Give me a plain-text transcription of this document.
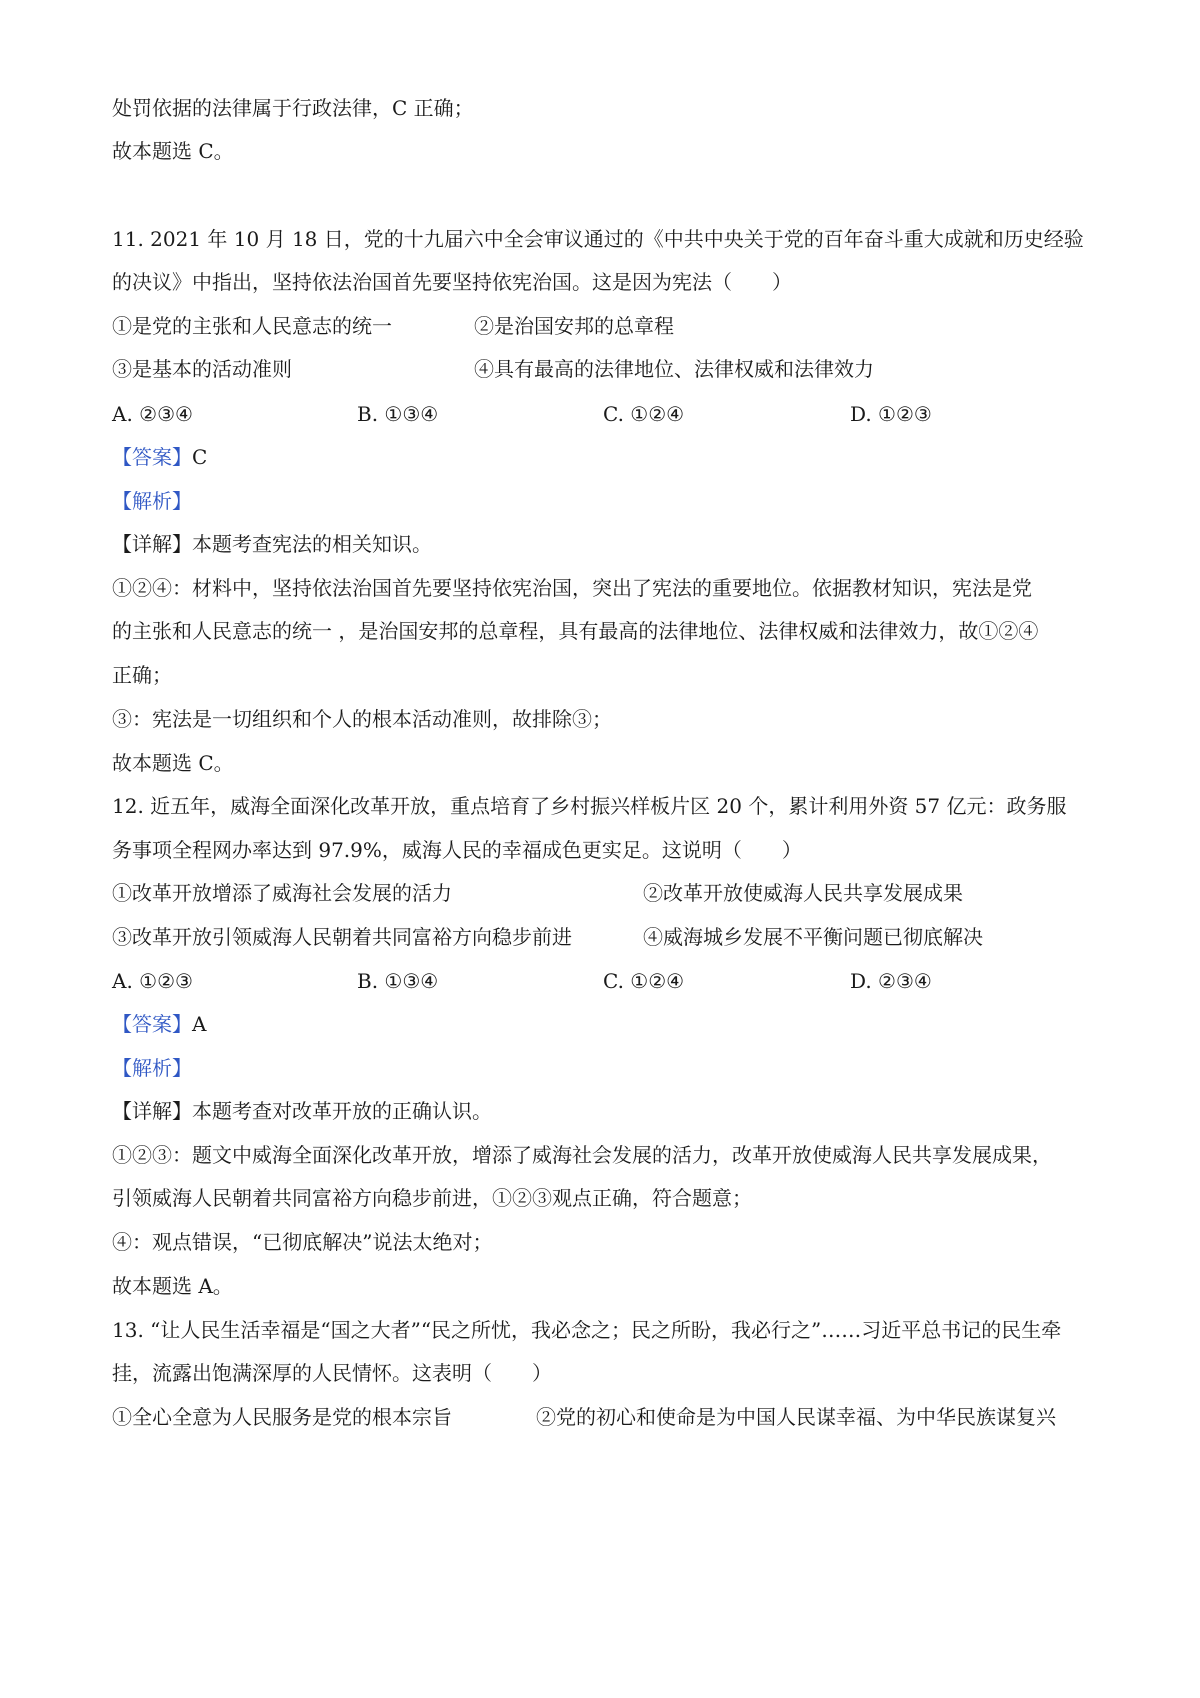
处罚依据的法律属于行政法律，C 正确；
故本题选 C。
11. 2021 年 10 月 18 日，党的十九届六中全会审议通过的《中共中央关于党的百年奋斗重大成就和历史经验
的决议》中指出，坚持依法治国首先要坚持依宪治国。这是因为宪法（　　）
①是党的主张和人民意志的统一	②是治国安邦的总章程
③是基本的活动准则	④具有最高的法律地位、法律权威和法律效力
A. ②③④	B. ①③④	C. ①②④	D. ①②③
【答案】C
【解析】
【详解】本题考查宪法的相关知识。
①②④：材料中，坚持依法治国首先要坚持依宪治国，突出了宪法的重要地位。依据教材知识，宪法是党
的主张和人民意志的统一 ，是治国安邦的总章程，具有最高的法律地位、法律权威和法律效力，故①②④
正确；
③：宪法是一切组织和个人的根本活动准则，故排除③；
故本题选 C。
12. 近五年，威海全面深化改革开放，重点培育了乡村振兴样板片区 20 个，累计利用外资 57 亿元：政务服
务事项全程网办率达到 97.9%，威海人民的幸福成色更实足。这说明（　　）
①改革开放增添了威海社会发展的活力	②改革开放使威海人民共享发展成果
③改革开放引领威海人民朝着共同富裕方向稳步前进	④威海城乡发展不平衡问题已彻底解决
A. ①②③	B. ①③④	C. ①②④	D. ②③④
【答案】A
【解析】
【详解】本题考查对改革开放的正确认识。
①②③：题文中威海全面深化改革开放，增添了威海社会发展的活力，改革开放使威海人民共享发展成果，
引领威海人民朝着共同富裕方向稳步前进，①②③观点正确，符合题意；
④：观点错误，“已彻底解决”说法太绝对；
故本题选 A。
13. “让人民生活幸福是“国之大者”“民之所忧，我必念之；民之所盼，我必行之”……习近平总书记的民生牵
挂，流露出饱满深厚的人民情怀。这表明（　　）
①全心全意为人民服务是党的根本宗旨	②党的初心和使命是为中国人民谋幸福、为中华民族谋复兴
